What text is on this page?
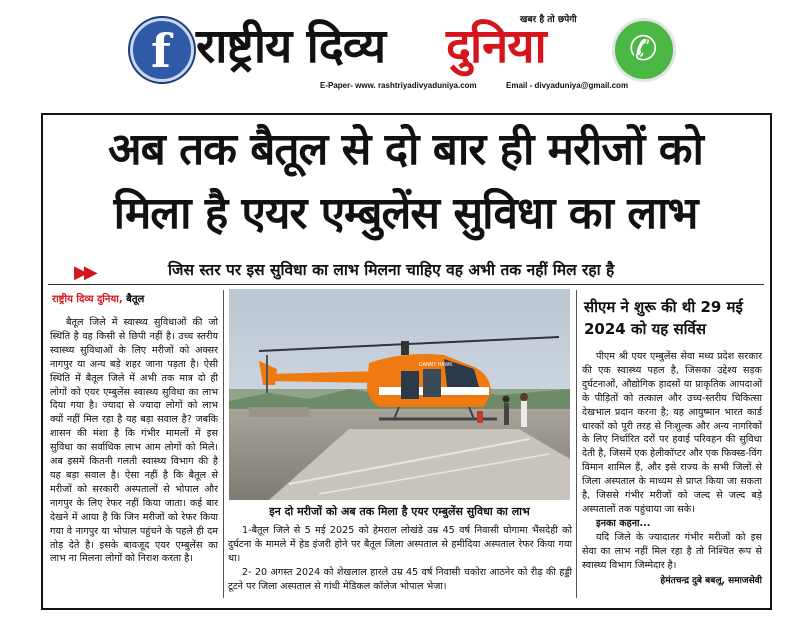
f राष्ट्रीय दिव्य दुनिया
खबर है तो छपेगी
✆
E-Paper- www. rashtriyadivyaduniya.com	Email - divyaduniya@gmail.com
अब तक बैतूल से दो बार ही मरीजों को
मिला है एयर एम्बुलेंस सुविधा का लाभ
▶▶	जिस स्तर पर इस सुविधा का लाभ मिलना चाहिए वह अभी तक नहीं मिल रहा है
राष्ट्रीय दिव्य दुनिया, बैतूल

बैतूल जिले में स्वास्थ्य सुविधाओं की जो स्थिति है वह किसी से छिपी नहीं है। उच्च स्तरीय स्वास्थ्य सुविधाओं के लिए मरीजों को अक्सर नागपुर या अन्य बड़े शहर जाना पड़ता है। ऐसी स्थिति में बैतूल जिले में अभी तक मात्र दो ही लोगों को एयर एम्बुलेंस स्वास्थ्य सुविधा का लाभ दिया गया है। ज्यादा से ज्यादा लोगों को लाभ क्यों नहीं मिल रहा है यह बड़ा सवाल है? जबकि शासन की मंशा है कि गंभीर मामलों में इस सुविधा का सर्वाधिक लाभ आम लोगों को मिले। अब इसमें कितनी गलती स्वास्थ्य विभाग की है यह बड़ा सवाल है। ऐसा नहीं है कि बैतूल से मरीजों को सरकारी अस्पतालों से भोपाल और नागपुर के लिए रेफर नहीं किया जाता। कई बार देखने में आया है कि जिन मरीजों को रेफर किया गया वे नागपुर या भोपाल पहुंचने के पहले ही दम तोड़ देते है। इसके बावजूद एयर एम्बुलेंस का लाभ ना मिलना लोगों को निराश करता है।

DANNY HAWK
इन दो मरीजों को अब तक मिला है एयर एम्बुलेंस सुविधा का लाभ

1-बैतूल जिले से 5 मई 2025 को हेमराल लोखंडे उम्र 45 वर्ष निवासी घोगामा भैंसदेही को दुर्घटना के मामले में हेड इंजरी होने पर बैतूल जिला अस्पताल से हमीदिया अस्पताल रेफर किया गया था।

2- 20 अगस्त 2024 को शेखलाल हारले उम्र 45 वर्ष निवासी चकोरा आठनेर को रीढ़ की हड्डी टूटने पर जिला अस्पताल से गांधी मेडिकल कॉलेज भोपाल भेजा।

सीएम ने शुरू की थी 29 मई 2024 को यह सर्विस

पीएम श्री एयर एम्बुलेंस सेवा मध्य प्रदेश सरकार की एक स्वास्थ्य पहल है, जिसका उद्देश्य सड़क दुर्घटनाओं, औद्योगिक हादसों या प्राकृतिक आपदाओं के पीड़ितों को तत्काल और उच्च-स्तरीय चिकित्सा देखभाल प्रदान करना है; यह आयुष्मान भारत कार्ड धारकों को पूरी तरह से निःशुल्क और अन्य नागरिकों के लिए निर्धारित दरों पर हवाई परिवहन की सुविधा देती है, जिसमें एक हेलीकॉप्टर और एक फिक्स्ड-विंग विमान शामिल हैं, और इसे राज्य के सभी जिलों से जिला अस्पताल के माध्यम से प्राप्त किया जा सकता है, जिससे गंभीर मरीजों को जल्द से जल्द बड़े अस्पतालों तक पहुंचाया जा सके।

इनका कहना...

यदि जिले के ज्यादातर गंभीर मरीजों को इस सेवा का लाभ नहीं मिल रहा है तो निश्चित रूप से स्वास्थ्य विभाग जिम्मेदार है।

हेमंतचन्द्र दुबे बबलू, समाजसेवी
